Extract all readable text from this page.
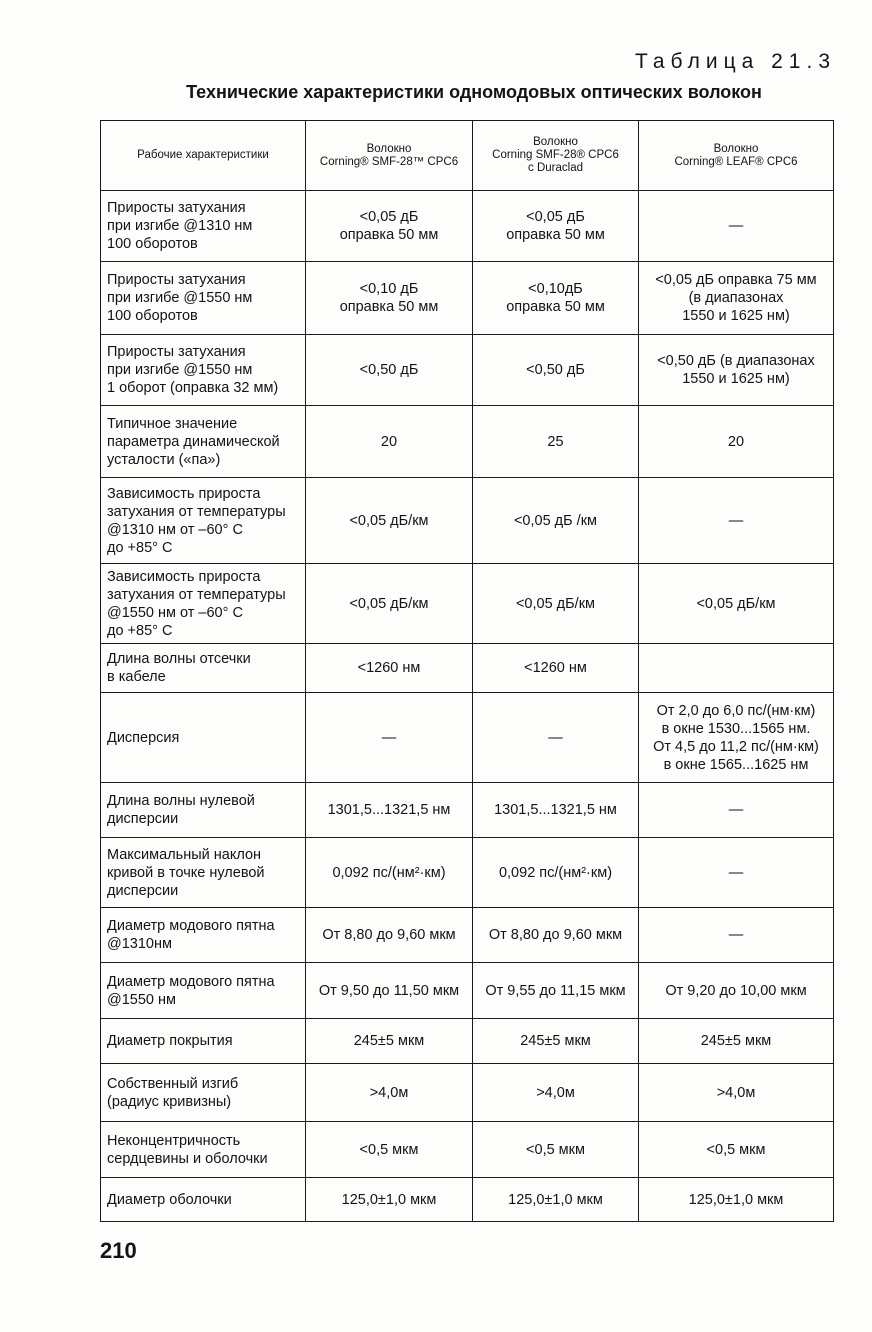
Таблица 21.3
Технические характеристики одномодовых оптических волокон
Рабочие характеристики	Волокно
Corning® SMF-28™ CPC6	Волокно
Corning SMF-28® CPC6
с Duraclad	Волокно
Corning® LEAF® CPC6
Приросты затухания
при изгибе @1310 нм
100 оборотов	<0,05 дБ
оправка 50 мм	<0,05 дБ
оправка 50 мм	—
Приросты затухания
при изгибе @1550 нм
100 оборотов	<0,10 дБ
оправка 50 мм	<0,10дБ
оправка 50 мм	<0,05 дБ оправка 75 мм
(в диапазонах
1550 и 1625 нм)
Приросты затухания
при изгибе @1550 нм
1 оборот (оправка 32 мм)	<0,50 дБ	<0,50 дБ	<0,50 дБ (в диапазонах
1550 и 1625 нм)
Типичное значение
параметра динамической
усталости («па»)	20	25	20
Зависимость прироста
затухания от температуры
@1310 нм от –60° С
до +85° С	<0,05 дБ/км	<0,05 дБ /км	—
Зависимость прироста
затухания от температуры
@1550 нм от –60° С
до +85° С	<0,05 дБ/км	<0,05 дБ/км	<0,05 дБ/км
Длина волны отсечки
в кабеле	<1260 нм	<1260 нм	
Дисперсия	—	—	От 2,0 до 6,0 пс/(нм·км)
в окне 1530...1565 нм.
От 4,5 до 11,2 пс/(нм·км)
в окне 1565...1625 нм
Длина волны нулевой
дисперсии	1301,5...1321,5 нм	1301,5...1321,5 нм	—
Максимальный наклон
кривой в точке нулевой
дисперсии	0,092 пс/(нм²·км)	0,092 пс/(нм²·км)	—
Диаметр модового пятна
@1310нм	От 8,80 до 9,60 мкм	От 8,80 до 9,60 мкм	—
Диаметр модового пятна
@1550 нм	От 9,50 до 11,50 мкм	От 9,55 до 11,15 мкм	От 9,20 до 10,00 мкм
Диаметр покрытия	245±5 мкм	245±5 мкм	245±5 мкм
Собственный изгиб
(радиус кривизны)	>4,0м	>4,0м	>4,0м
Неконцентричность
сердцевины и оболочки	<0,5 мкм	<0,5 мкм	<0,5 мкм
Диаметр оболочки	125,0±1,0 мкм	125,0±1,0 мкм	125,0±1,0 мкм
210
